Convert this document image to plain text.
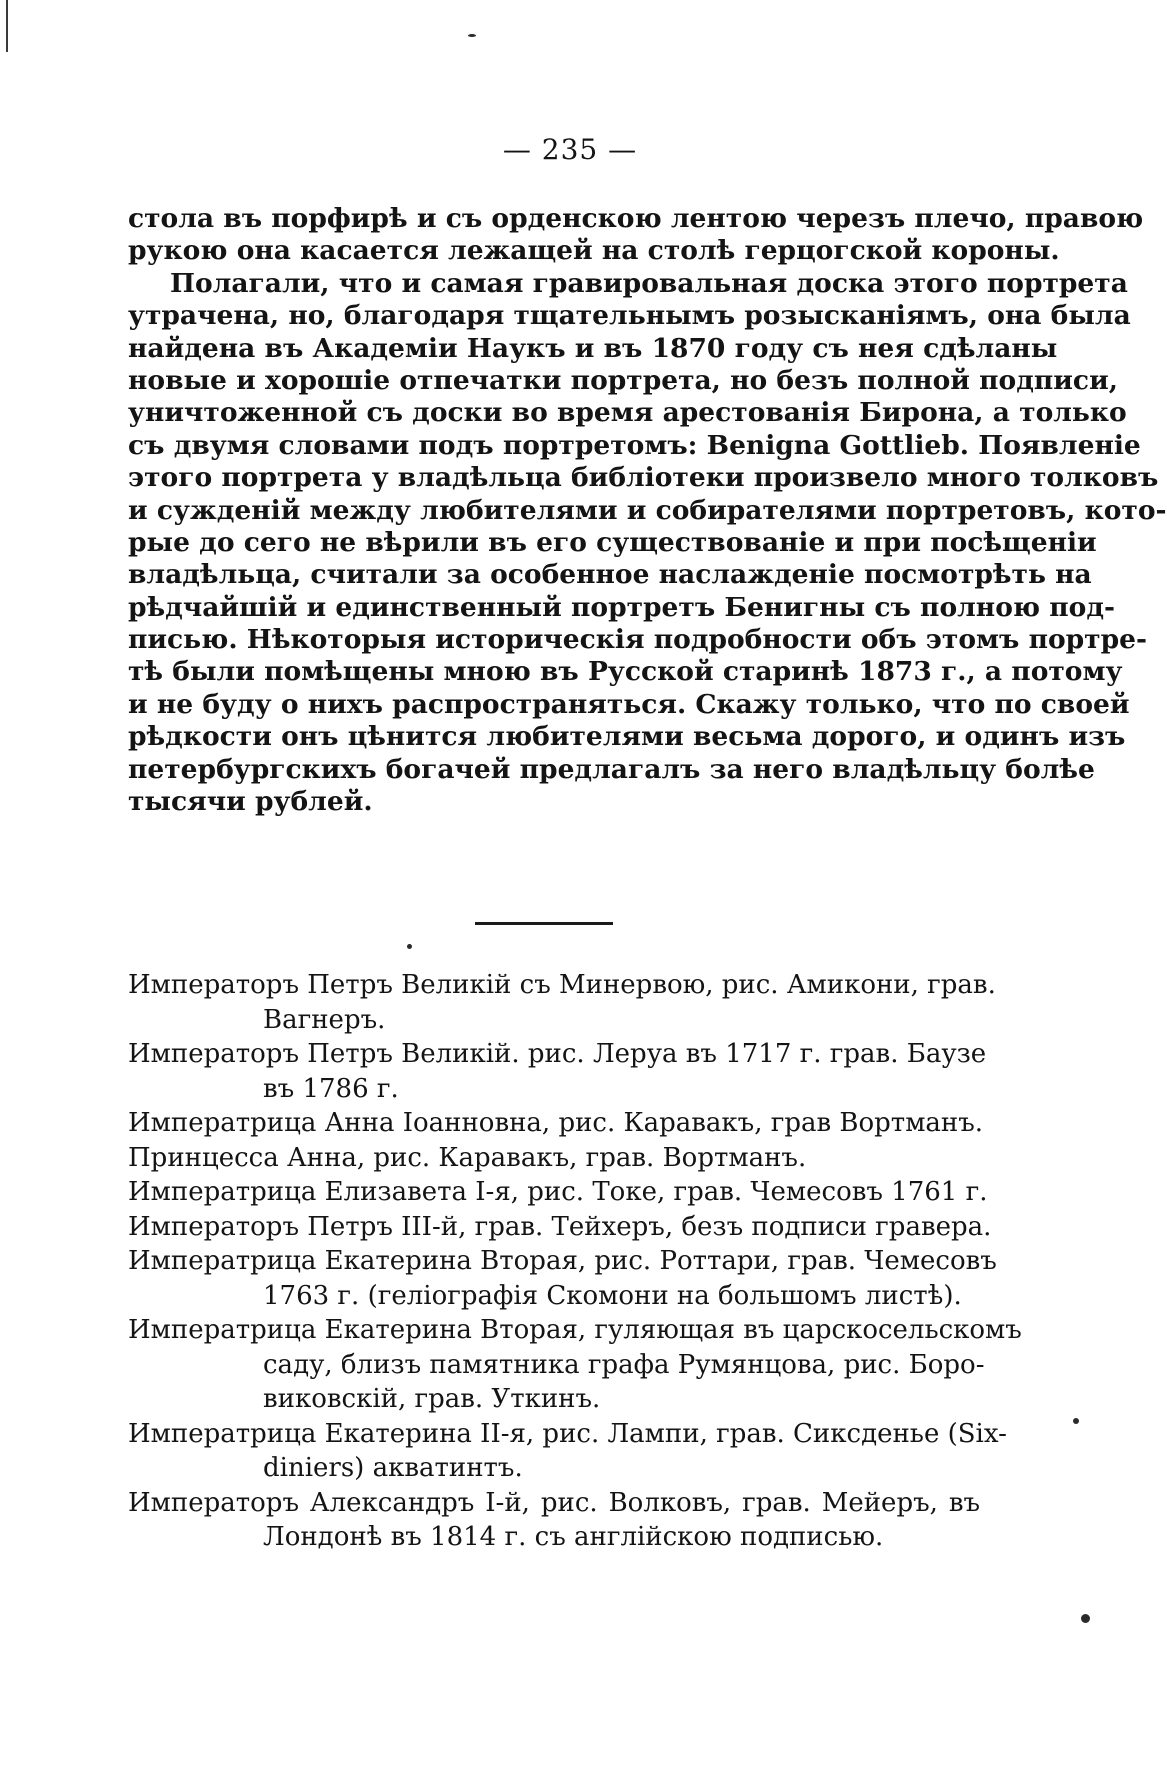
— 235 —
стола въ порфирѣ и съ орденскою лентою черезъ плечо, правою
рукою она касается лежащей на столѣ герцогской короны.
Полагали, что и самая гравировальная доска этого портрета
утрачена, но, благодаря тщательнымъ розысканіямъ, она была
найдена въ Академіи Наукъ и въ 1870 году съ нея сдѣланы
новые и хорошіе отпечатки портрета, но безъ полной подписи,
уничтоженной съ доски во время арестованія Бирона, а только
съ двумя словами подъ портретомъ: Benigna Gottlieb. Появленіе
этого портрета у владѣльца библіотеки произвело много толковъ
и сужденій между любителями и собирателями портретовъ, кото-
рые до сего не вѣрили въ его существованіе и при посѣщеніи
владѣльца, считали за особенное наслажденіе посмотрѣть на
рѣдчайшій и единственный портретъ Бенигны съ полною под-
писью. Нѣкоторыя историческія подробности объ этомъ портре-
тѣ были помѣщены мною въ Русской старинѣ 1873 г., а потому
и не буду о нихъ распространяться. Скажу только, что по своей
рѣдкости онъ цѣнится любителями весьма дорого, и одинъ изъ
петербургскихъ богачей предлагалъ за него владѣльцу болѣе
тысячи рублей.
Императоръ Петръ Великій съ Минервою, рис. Амикони, грав.
Вагнеръ.
Императоръ Петръ Великій. рис. Леруа въ 1717 г. грав. Баузе
въ 1786 г.
Императрица Анна Іоанновна, рис. Каравакъ, грав Вортманъ.
Принцесса Анна, рис. Каравакъ, грав. Вортманъ.
Императрица Елизавета І-я, рис. Токе, грав. Чемесовъ 1761 г.
Императоръ Петръ ІІІ-й, грав. Тейхеръ, безъ подписи гравера.
Императрица Екатерина Вторая, рис. Роттари, грав. Чемесовъ
1763 г. (геліографія Скомони на большомъ листѣ).
Императрица Екатерина Вторая, гуляющая въ царскосельскомъ
саду, близъ памятника графа Румянцова, рис. Боро-
виковскій, грав. Уткинъ.
Императрица Екатерина II-я, рис. Лампи, грав. Сиксденье (Six-
diniers) акватинтъ.
Императоръ Александръ І-й, рис. Волковъ, грав. Мейеръ, въ
Лондонѣ въ 1814 г. съ англійскою подписью.
